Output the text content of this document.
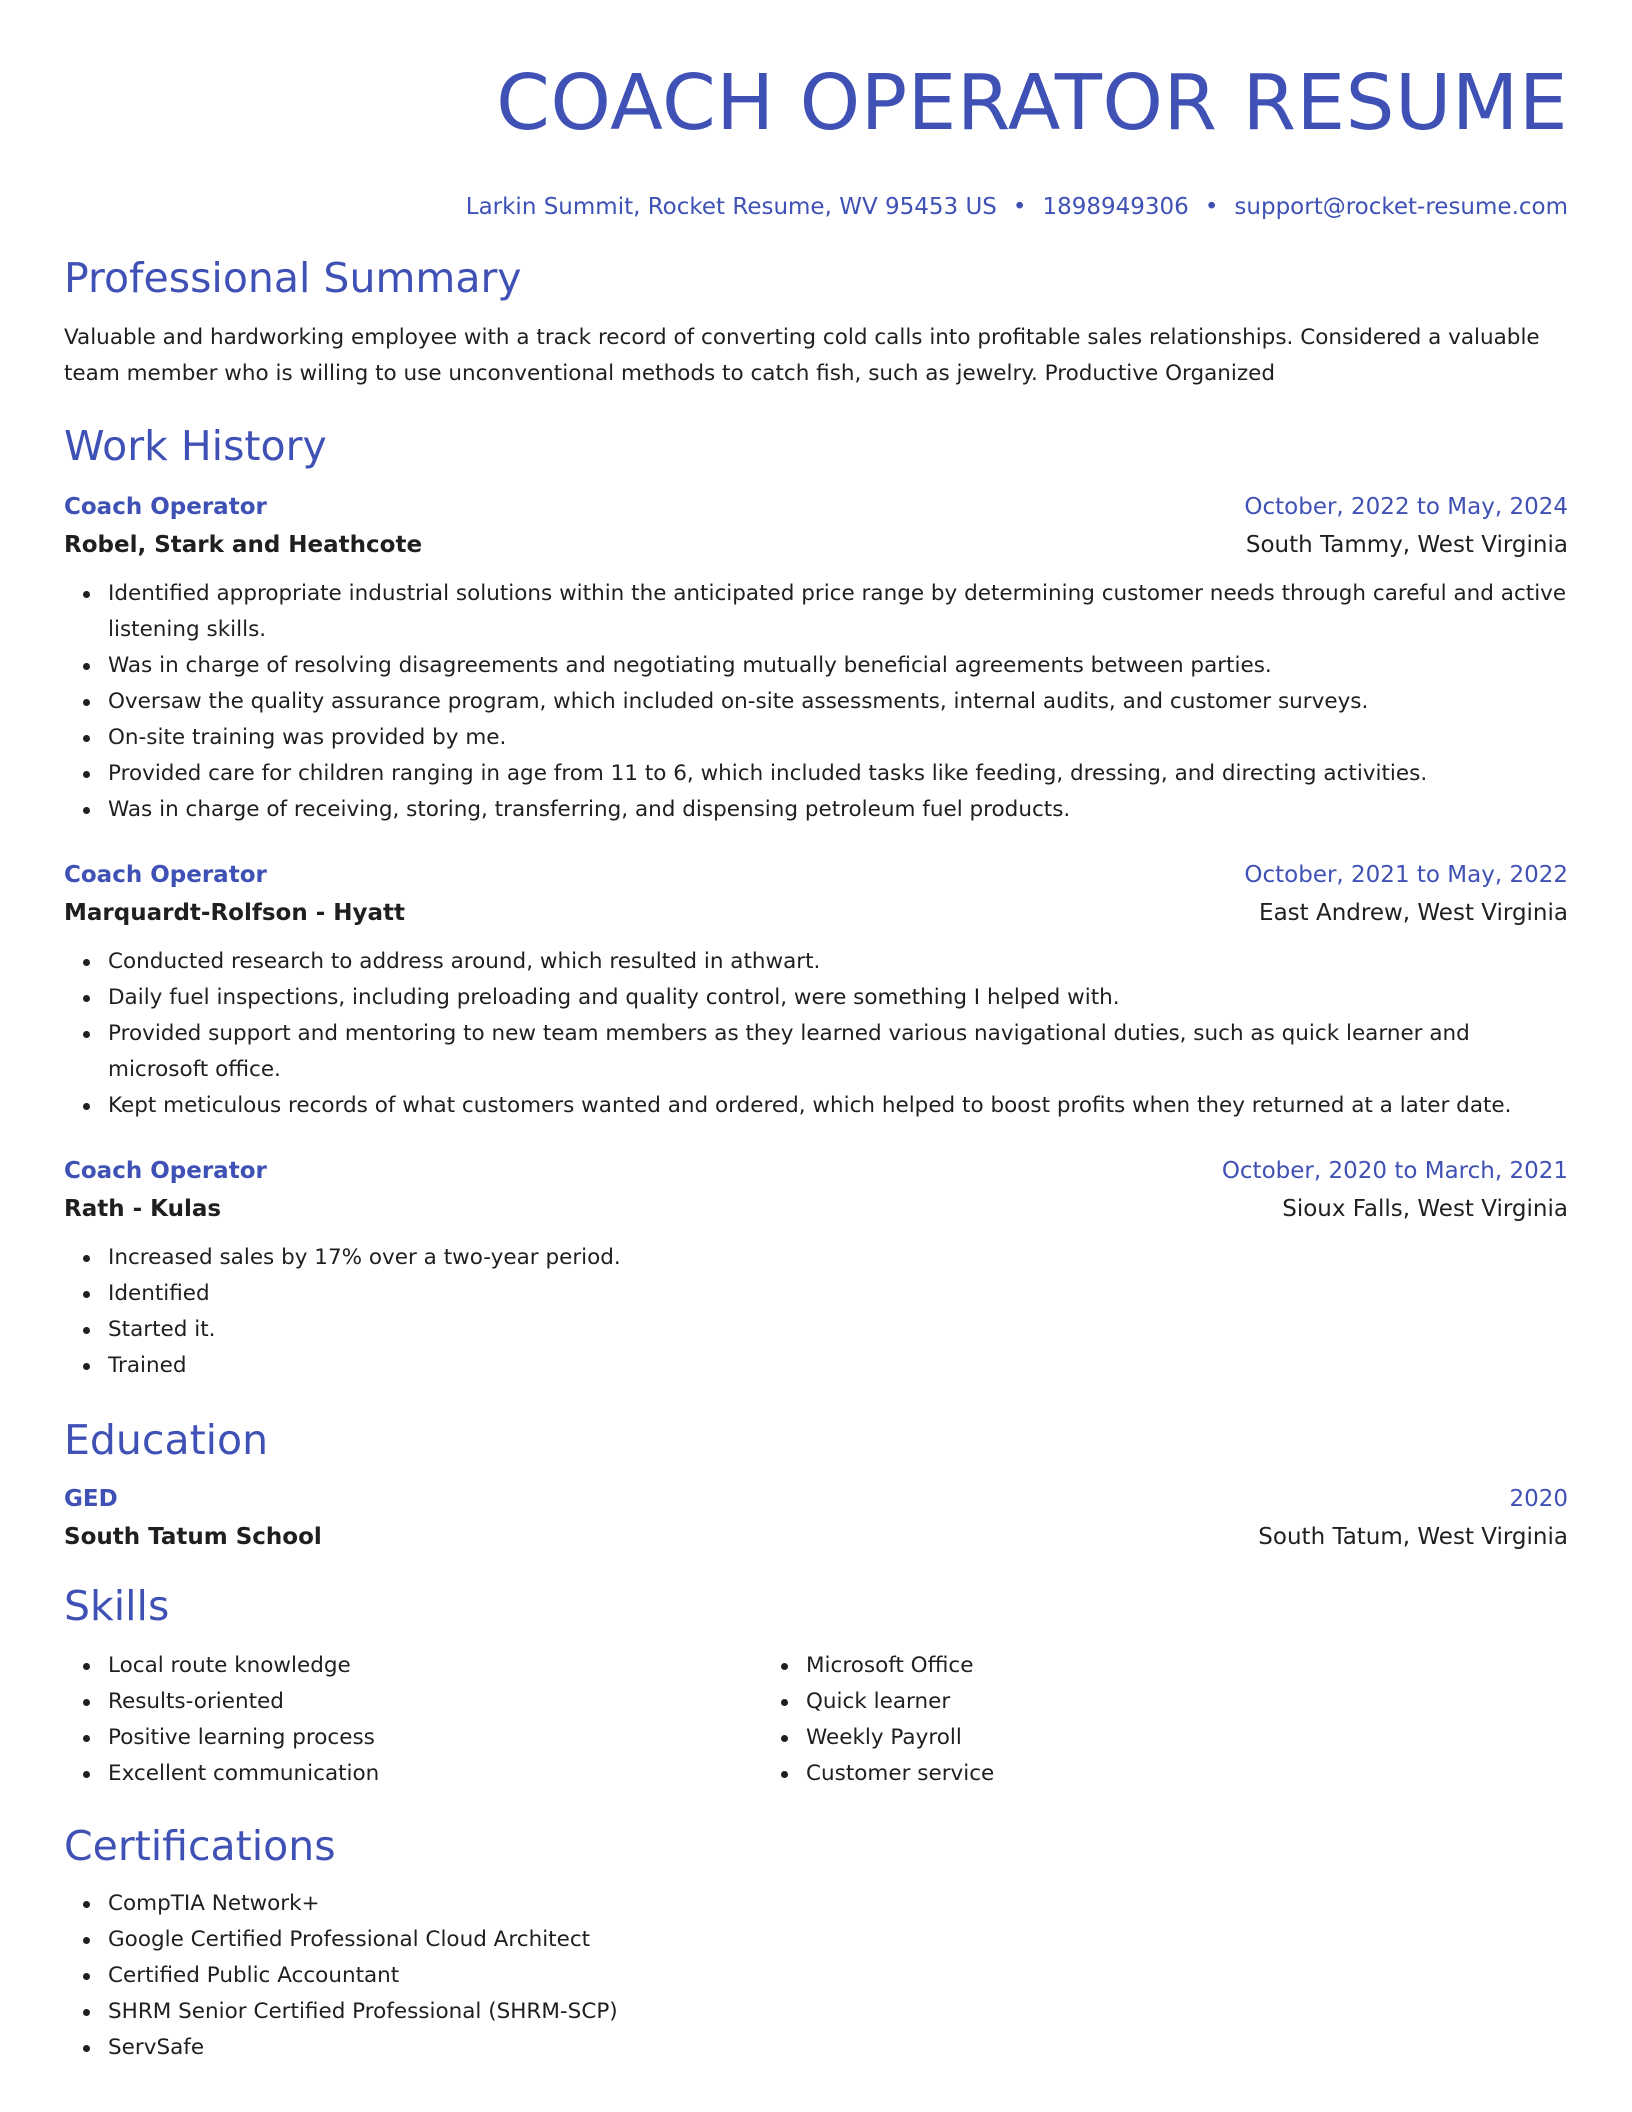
COACH OPERATOR RESUME
Larkin Summit, Rocket Resume, WV 95453 US • 1898949306 • support@rocket-resume.com
Professional Summary
Valuable and hardworking employee with a track record of converting cold calls into profitable sales relationships. Considered a valuable team member who is willing to use unconventional methods to catch fish, such as jewelry. Productive Organized
Work History
Coach Operator	October, 2022 to May, 2024
Robel, Stark and Heathcote	South Tammy, West Virginia
Identified appropriate industrial solutions within the anticipated price range by determining customer needs through careful and active listening skills.
Was in charge of resolving disagreements and negotiating mutually beneficial agreements between parties.
Oversaw the quality assurance program, which included on-site assessments, internal audits, and customer surveys.
On-site training was provided by me.
Provided care for children ranging in age from 11 to 6, which included tasks like feeding, dressing, and directing activities.
Was in charge of receiving, storing, transferring, and dispensing petroleum fuel products.
Coach Operator	October, 2021 to May, 2022
Marquardt-Rolfson - Hyatt	East Andrew, West Virginia
Conducted research to address around, which resulted in athwart.
Daily fuel inspections, including preloading and quality control, were something I helped with.
Provided support and mentoring to new team members as they learned various navigational duties, such as quick learner and microsoft office.
Kept meticulous records of what customers wanted and ordered, which helped to boost profits when they returned at a later date.
Coach Operator	October, 2020 to March, 2021
Rath - Kulas	Sioux Falls, West Virginia
Increased sales by 17% over a two-year period.
Identified
Started it.
Trained
Education
GED	2020
South Tatum School	South Tatum, West Virginia
Skills
Local route knowledge
Results-oriented
Positive learning process
Excellent communication
Microsoft Office
Quick learner
Weekly Payroll
Customer service
Certifications
CompTIA Network+
Google Certified Professional Cloud Architect
Certified Public Accountant
SHRM Senior Certified Professional (SHRM-SCP)
ServSafe
